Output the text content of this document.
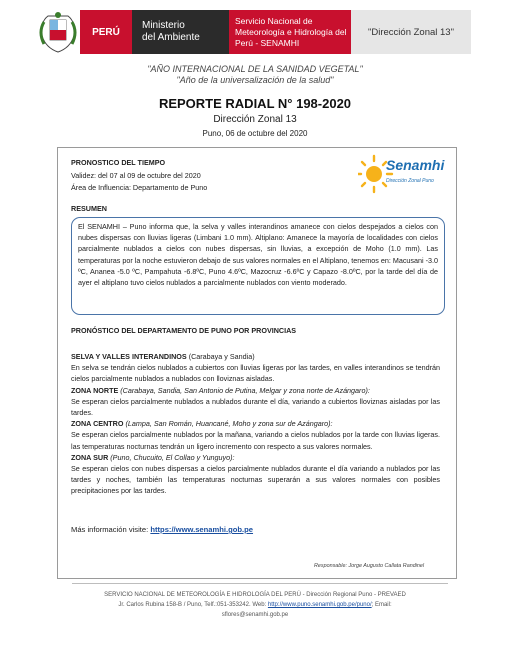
PERÚ
Ministerio
del Ambiente
Servicio Nacional de
Meteorología e Hidrología del
Perú - SENAMHI
"Dirección Zonal 13"
"AÑO INTERNACIONAL DE LA SANIDAD VEGETAL"
"Año de la universalización de la salud"
REPORTE RADIAL N° 198-2020
Dirección Zonal 13
Puno, 06 de octubre del 2020
PRONOSTICO DEL TIEMPO
Validez: del 07 al 09 de octubre del 2020
Área de Influencia: Departamento de Puno
Senamhi
Dirección Zonal Puno
RESUMEN
El SENAMHI – Puno informa que, la selva y valles interandinos amanece con cielos despejados a cielos con nubes dispersas con lluvias ligeras (Limbani 1.0 mm). Altiplano: Amanece la mayoría de localidades con cielos parcialmente nublados a cielos con nubes dispersas, sin lluvias, a excepción de Moho (1.0 mm). Las temperaturas por la noche estuvieron debajo de sus valores normales en el Altiplano, tenemos en: Macusani -3.0 ºC, Ananea -5.0 ºC, Pampahuta -6.8ºC, Puno 4.6ºC, Mazocruz -6.6ºC y Capazo -8.0ºC, por la tarde del día de ayer el altiplano tuvo cielos nublados a parcialmente nublados con viento moderado.
PRONÓSTICO DEL DEPARTAMENTO DE PUNO POR PROVINCIAS
SELVA Y VALLES INTERANDINOS (Carabaya y Sandia)
En selva se tendrán cielos nublados a cubiertos con lluvias ligeras por las tardes, en valles interandinos se tendrán cielos parcialmente nublados a nublados con lloviznas aisladas.
ZONA NORTE (Carabaya, Sandia, San Antonio de Putina, Melgar y zona norte de Azángaro):
Se esperan cielos parcialmente nublados a nublados durante el día, variando a cubiertos lloviznas aisladas por las tardes.
ZONA CENTRO (Lampa, San Román, Huancané, Moho y zona sur de Azángaro):
Se esperan cielos parcialmente nublados por la mañana, variando a cielos nublados por la tarde con lluvias ligeras. las temperaturas nocturnas tendrán un ligero incremento con respecto a sus valores normales.
ZONA SUR (Puno, Chucuito, El Collao y Yunguyo):
Se esperan cielos con nubes dispersas a cielos parcialmente nublados durante el día variando a nublados por las tardes y noches, también las temperaturas nocturnas superarán a sus valores normales con posibles precipitaciones por las tardes.
Más información visite: https://www.senamhi.gob.pe
Responsable: Jorge Augusto Callata Randinel
SERVICIO NACIONAL DE METEOROLOGÍA E HIDROLOGÍA DEL PERÚ - Dirección Regional Puno - PREVAED
Jr. Carlos Rubina 158-B / Puno, Telf.:051-353242. Web: http://www.puno.senamhi.gob.pe/puno/; Email:
sflores@senamhi.gob.pe
